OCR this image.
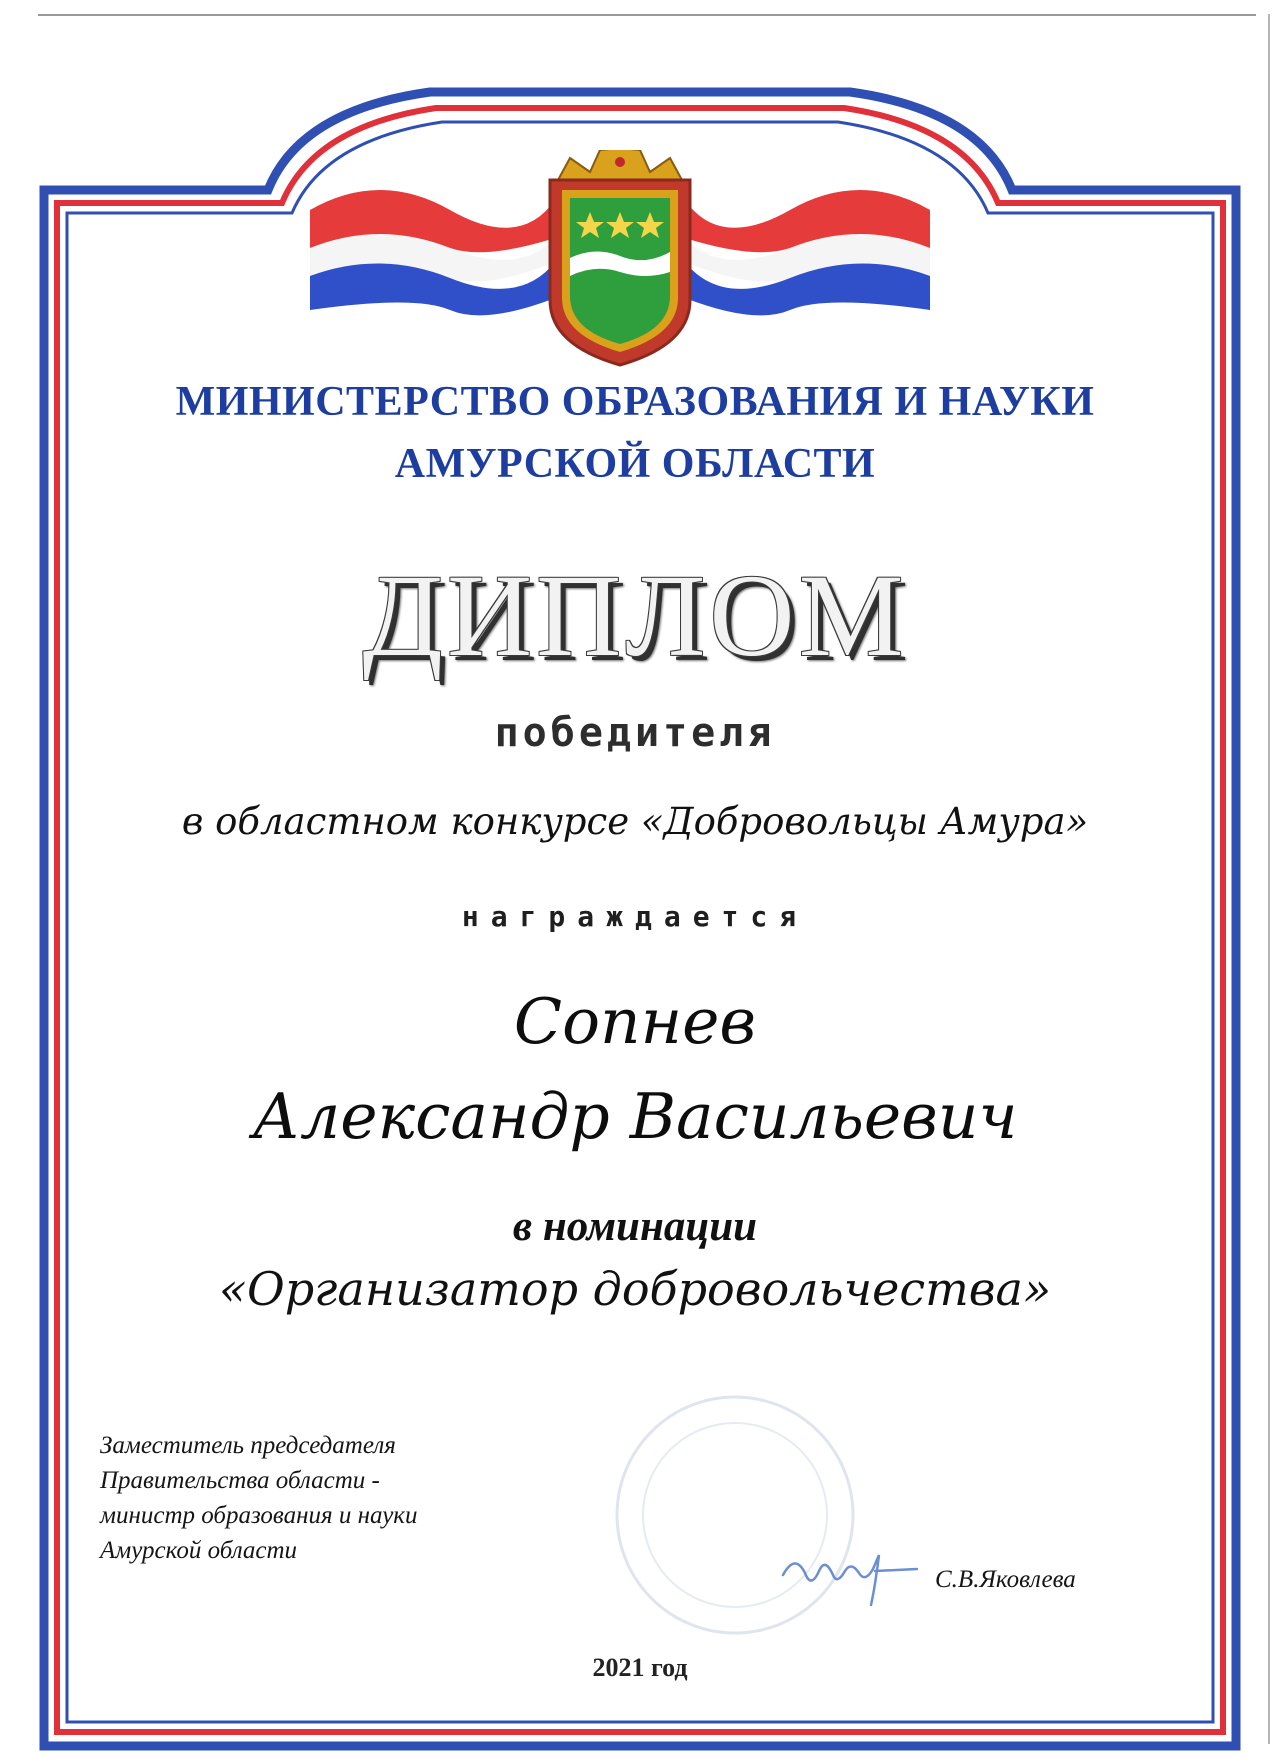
МИНИСТЕРСТВО ОБРАЗОВАНИЯ И НАУКИ
АМУРСКОЙ ОБЛАСТИ
ДИПЛОМ
победителя
в областном конкурсе «Добровольцы Амура»
награждается
Сопнев
Александр Васильевич
в номинации
«Организатор добровольчества»
Заместитель председателя
Правительства области -
министр образования и науки
Амурской области
С.В.Яковлева
2021 год
